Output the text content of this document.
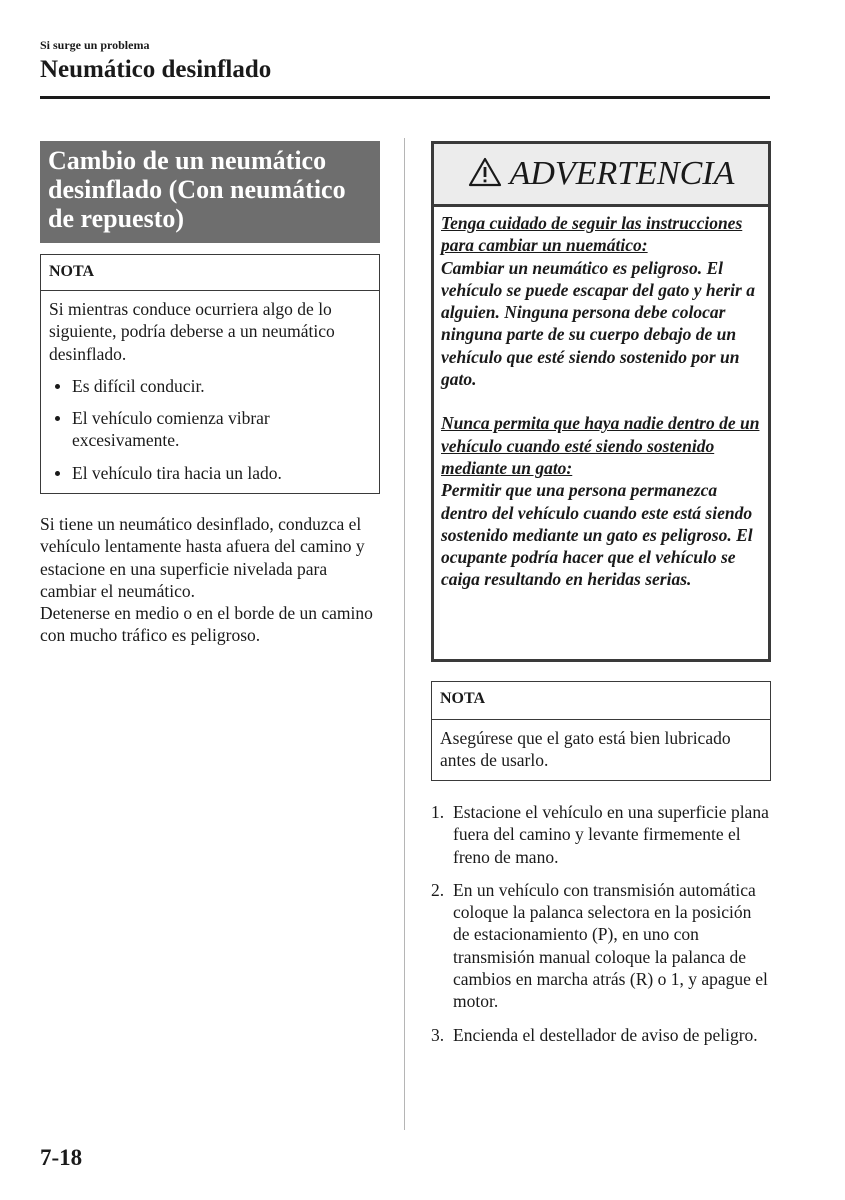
Si surge un problema
Neumático desinflado
Cambio de un neumático desinflado (Con neumático de repuesto)
NOTA
Si mientras conduce ocurriera algo de lo siguiente, podría deberse a un neumático desinflado.
Es difícil conducir.
El vehículo comienza vibrar excesivamente.
El vehículo tira hacia un lado.

Si tiene un neumático desinflado, conduzca el vehículo lentamente hasta afuera del camino y estacione en una superficie nivelada para cambiar el neumático.

Detenerse en medio o en el borde de un camino con mucho tráfico es peligroso.

ADVERTENCIA

Tenga cuidado de seguir las instrucciones para cambiar un nuemático:

Cambiar un neumático es peligroso. El vehículo se puede escapar del gato y herir a alguien. Ninguna persona debe colocar ninguna parte de su cuerpo debajo de un vehículo que esté siendo sostenido por un gato.

Nunca permita que haya nadie dentro de un vehículo cuando esté siendo sostenido mediante un gato:

Permitir que una persona permanezca dentro del vehículo cuando este está siendo sostenido mediante un gato es peligroso. El ocupante podría hacer que el vehículo se caiga resultando en heridas serias.

NOTA
Asegúrese que el gato está bien lubricado antes de usarlo.
1. Estacione el vehículo en una superficie plana fuera del camino y levante firmemente el freno de mano.
2. En un vehículo con transmisión automática coloque la palanca selectora en la posición de estacionamiento (P), en uno con transmisión manual coloque la palanca de cambios en marcha atrás (R) o 1, y apague el motor.
3. Encienda el destellador de aviso de peligro.
7-18
